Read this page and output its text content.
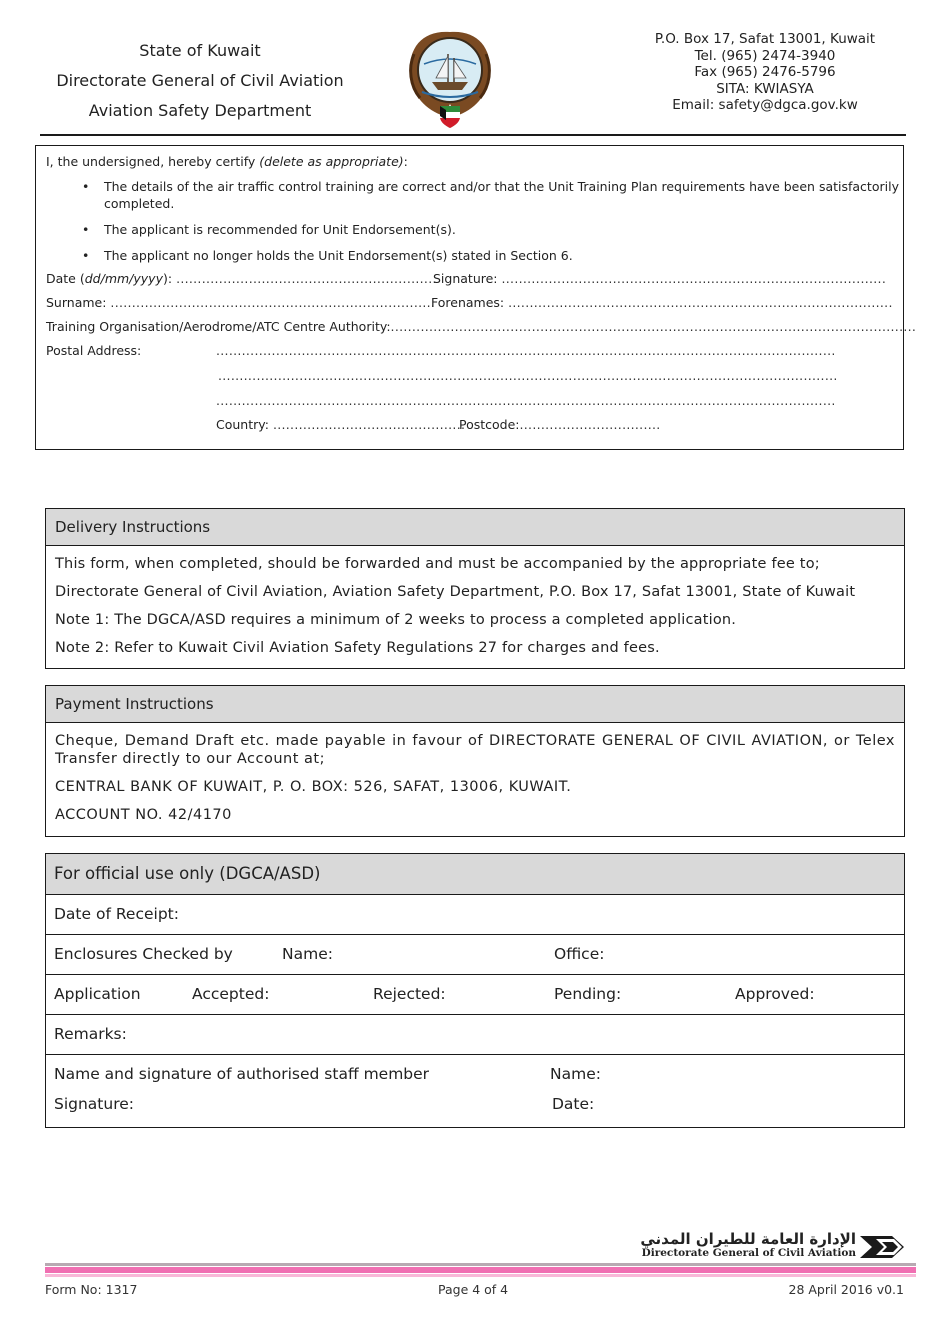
State of Kuwait
Directorate General of Civil Aviation
Aviation Safety Department
P.O. Box 17, Safat 13001, Kuwait
Tel. (965) 2474-3940
Fax (965) 2476-5796
SITA: KWIASYA
Email: safety@dgca.gov.kw
I, the undersigned, hereby certify (delete as appropriate):
• The details of the air traffic control training are correct and/or that the Unit Training Plan requirements have been satisfactorily completed.
• The applicant is recommended for Unit Endorsement(s).
• The applicant no longer holds the Unit Endorsement(s) stated in Section 6.
Date (dd/mm/yyyy): .............................................................
Signature: ..........................................................................................
Surname: ............................................................................
Forenames: ..........................................................................................
Training Organisation/Aerodrome/ATC Centre Authority:...........................................................................................................................
Postal Address:	.................................................................................................................................................
.................................................................................................................................................
.................................................................................................................................................
Country: .............................................
Postcode:.................................
Delivery Instructions

This form, when completed, should be forwarded and must be accompanied by the appropriate fee to;

Directorate General of Civil Aviation, Aviation Safety Department, P.O. Box 17, Safat 13001, State of Kuwait

Note 1: The DGCA/ASD requires a minimum of 2 weeks to process a completed application.

Note 2: Refer to Kuwait Civil Aviation Safety Regulations 27 for charges and fees.

Payment Instructions

Cheque, Demand Draft etc. made payable in favour of DIRECTORATE GENERAL OF CIVIL AVIATION, or Telex Transfer directly to our Account at;

CENTRAL BANK OF KUWAIT, P. O. BOX: 526, SAFAT, 13006, KUWAIT.

ACCOUNT NO. 42/4170

For official use only (DGCA/ASD)
Date of Receipt:
Enclosures Checked by	Name:	Office:
Application	Accepted:	Rejected:	Pending:	Approved:
Remarks:
Name and signature of authorised staff member	Name:
Signature:	Date:
الإدارة العامة للطيران المدني
Directorate General of Civil Aviation
Form No: 1317	Page 4 of 4	28 April 2016 v0.1
